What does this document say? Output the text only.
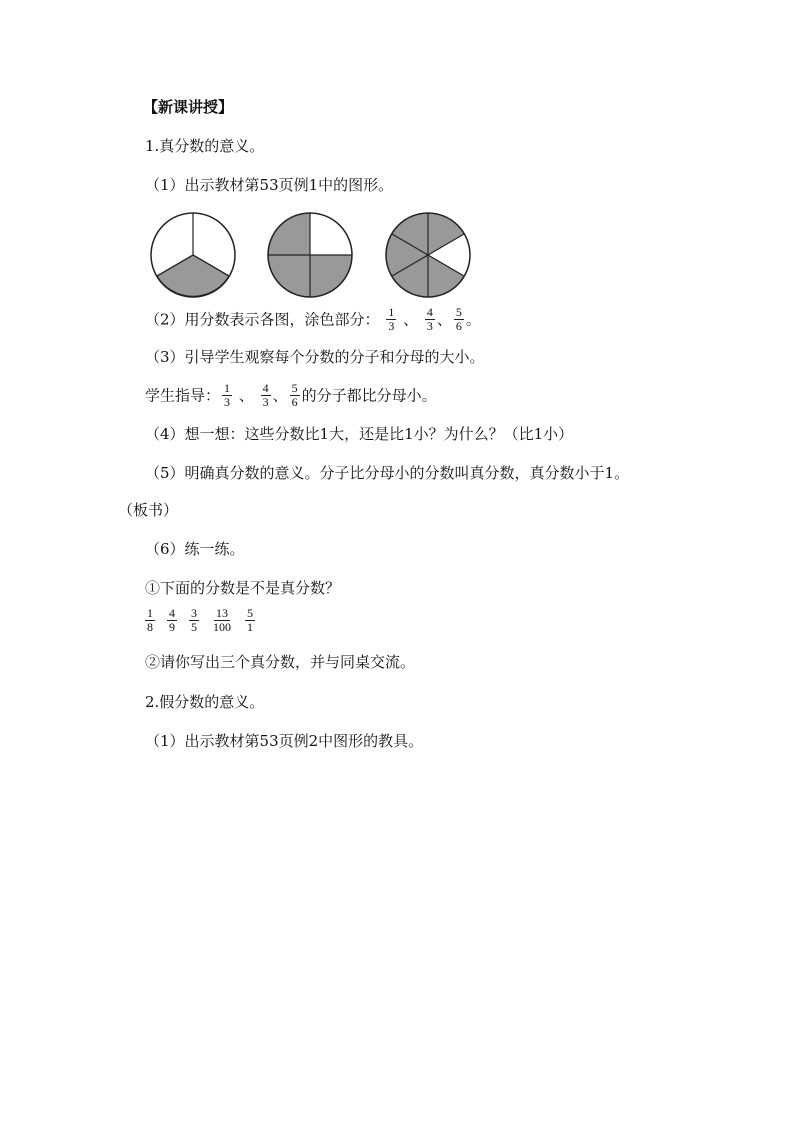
【新课讲授】
1.真分数的意义。
（1）出示教材第53页例1中的图形。
（2）用分数表示各图，涂色部分： $\frac{1}{3}$ 、 $\frac{4}{3}$ 、 $\frac{5}{6}$ 。
（3）引导学生观察每个分数的分子和分母的大小。
学生指导： $\frac{1}{3}$ 、 $\frac{4}{3}$ 、 $\frac{5}{6}$ 的分子都比分母小。
（4）想一想：这些分数比1大，还是比1小？为什么？（比1小）
（5）明确真分数的意义。分子比分母小的分数叫真分数，真分数小于1。
（板书）
（6）练一练。
①下面的分数是不是真分数？
$\frac{1}{8} \frac{4}{9} \frac{3}{5} \frac{13}{100} \frac{5}{1}$
②请你写出三个真分数，并与同桌交流。
2.假分数的意义。
（1）出示教材第53页例2中图形的教具。
